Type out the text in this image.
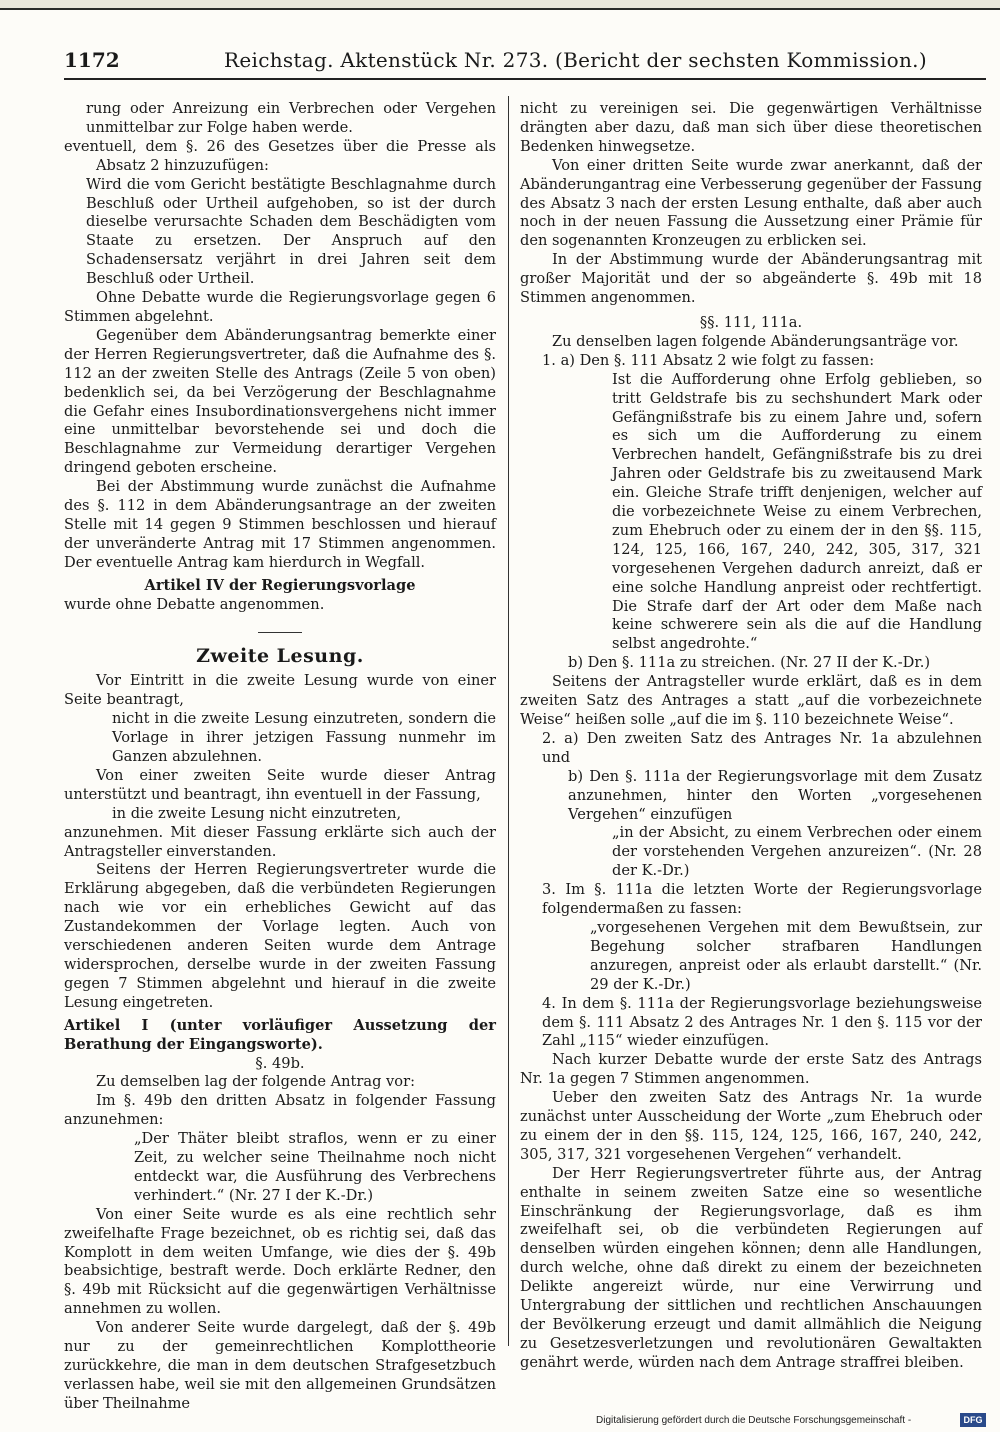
1172	Reichstag. Aktenstück Nr. 273. (Bericht der sechsten Kommission.)

rung oder Anreizung ein Verbrechen oder Vergehen unmittelbar zur Folge haben werde.

eventuell, dem §. 26 des Gesetzes über die Presse als Absatz 2 hinzuzufügen:

Wird die vom Gericht bestätigte Beschlagnahme durch Beschluß oder Urtheil aufgehoben, so ist der durch dieselbe verursachte Schaden dem Beschädigten vom Staate zu ersetzen. Der Anspruch auf den Schadensersatz verjährt in drei Jahren seit dem Beschluß oder Urtheil.

Ohne Debatte wurde die Regierungsvorlage gegen 6 Stimmen abgelehnt.

Gegenüber dem Abänderungsantrag bemerkte einer der Herren Regierungsvertreter, daß die Aufnahme des §. 112 an der zweiten Stelle des Antrags (Zeile 5 von oben) bedenklich sei, da bei Verzögerung der Beschlagnahme die Gefahr eines Insubordinationsvergehens nicht immer eine unmittelbar bevorstehende sei und doch die Beschlagnahme zur Vermeidung derartiger Vergehen dringend geboten erscheine.

Bei der Abstimmung wurde zunächst die Aufnahme des §. 112 in dem Abänderungsantrage an der zweiten Stelle mit 14 gegen 9 Stimmen beschlossen und hierauf der unveränderte Antrag mit 17 Stimmen angenommen. Der eventuelle Antrag kam hierdurch in Wegfall.

Artikel IV der Regierungsvorlage

wurde ohne Debatte angenommen.

Zweite Lesung.

Vor Eintritt in die zweite Lesung wurde von einer Seite beantragt,

nicht in die zweite Lesung einzutreten, sondern die Vorlage in ihrer jetzigen Fassung nunmehr im Ganzen abzulehnen.

Von einer zweiten Seite wurde dieser Antrag unterstützt und beantragt, ihn eventuell in der Fassung,

in die zweite Lesung nicht einzutreten,

anzunehmen. Mit dieser Fassung erklärte sich auch der Antragsteller einverstanden.

Seitens der Herren Regierungsvertreter wurde die Erklärung abgegeben, daß die verbündeten Regierungen nach wie vor ein erhebliches Gewicht auf das Zustandekommen der Vorlage legten. Auch von verschiedenen anderen Seiten wurde dem Antrage widersprochen, derselbe wurde in der zweiten Fassung gegen 7 Stimmen abgelehnt und hierauf in die zweite Lesung eingetreten.

Artikel I (unter vorläufiger Aussetzung der Berathung der Eingangsworte).

§. 49b.

Zu demselben lag der folgende Antrag vor:

Im §. 49b den dritten Absatz in folgender Fassung anzunehmen:

„Der Thäter bleibt straflos, wenn er zu einer Zeit, zu welcher seine Theilnahme noch nicht entdeckt war, die Ausführung des Verbrechens verhindert.“ (Nr. 27 I der K.-Dr.)

Von einer Seite wurde es als eine rechtlich sehr zweifelhafte Frage bezeichnet, ob es richtig sei, daß das Komplott in dem weiten Umfange, wie dies der §. 49b beabsichtige, bestraft werde. Doch erklärte Redner, den §. 49b mit Rücksicht auf die gegenwärtigen Verhältnisse annehmen zu wollen.

Von anderer Seite wurde dargelegt, daß der §. 49b nur zu der gemeinrechtlichen Komplottheorie zurückkehre, die man in dem deutschen Strafgesetzbuch verlassen habe, weil sie mit den allgemeinen Grundsätzen über Theilnahme

nicht zu vereinigen sei. Die gegenwärtigen Verhältnisse drängten aber dazu, daß man sich über diese theoretischen Bedenken hinwegsetze.

Von einer dritten Seite wurde zwar anerkannt, daß der Abänderungantrag eine Verbesserung gegenüber der Fassung des Absatz 3 nach der ersten Lesung enthalte, daß aber auch noch in der neuen Fassung die Aussetzung einer Prämie für den sogenannten Kronzeugen zu erblicken sei.

In der Abstimmung wurde der Abänderungsantrag mit großer Majorität und der so abgeänderte §. 49b mit 18 Stimmen angenommen.

§§. 111, 111a.

Zu denselben lagen folgende Abänderungsanträge vor.

1. a) Den §. 111 Absatz 2 wie folgt zu fassen:

Ist die Aufforderung ohne Erfolg geblieben, so tritt Geldstrafe bis zu sechshundert Mark oder Gefängnißstrafe bis zu einem Jahre und, sofern es sich um die Aufforderung zu einem Verbrechen handelt, Gefängnißstrafe bis zu drei Jahren oder Geldstrafe bis zu zweitausend Mark ein. Gleiche Strafe trifft denjenigen, welcher auf die vorbezeichnete Weise zu einem Verbrechen, zum Ehebruch oder zu einem der in den §§. 115, 124, 125, 166, 167, 240, 242, 305, 317, 321 vorgesehenen Vergehen dadurch anreizt, daß er eine solche Handlung anpreist oder rechtfertigt. Die Strafe darf der Art oder dem Maße nach keine schwerere sein als die auf die Handlung selbst angedrohte.“

b) Den §. 111a zu streichen. (Nr. 27 II der K.-Dr.)

Seitens der Antragsteller wurde erklärt, daß es in dem zweiten Satz des Antrages a statt „auf die vorbezeichnete Weise“ heißen solle „auf die im §. 110 bezeichnete Weise“.

2. a) Den zweiten Satz des Antrages Nr. 1a abzulehnen und

b) Den §. 111a der Regierungsvorlage mit dem Zusatz anzunehmen, hinter den Worten „vorgesehenen Vergehen“ einzufügen

„in der Absicht, zu einem Verbrechen oder einem der vorstehenden Vergehen anzureizen“. (Nr. 28 der K.-Dr.)

3. Im §. 111a die letzten Worte der Regierungsvorlage folgendermaßen zu fassen:

„vorgesehenen Vergehen mit dem Bewußtsein, zur Begehung solcher strafbaren Handlungen anzuregen, anpreist oder als erlaubt darstellt.“ (Nr. 29 der K.-Dr.)

4. In dem §. 111a der Regierungsvorlage beziehungsweise dem §. 111 Absatz 2 des Antrages Nr. 1 den §. 115 vor der Zahl „115“ wieder einzufügen.

Nach kurzer Debatte wurde der erste Satz des Antrags Nr. 1a gegen 7 Stimmen angenommen.

Ueber den zweiten Satz des Antrags Nr. 1a wurde zunächst unter Ausscheidung der Worte „zum Ehebruch oder zu einem der in den §§. 115, 124, 125, 166, 167, 240, 242, 305, 317, 321 vorgesehenen Vergehen“ verhandelt.

Der Herr Regierungsvertreter führte aus, der Antrag enthalte in seinem zweiten Satze eine so wesentliche Einschränkung der Regierungsvorlage, daß es ihm zweifelhaft sei, ob die verbündeten Regierungen auf denselben würden eingehen können; denn alle Handlungen, durch welche, ohne daß direkt zu einem der bezeichneten Delikte angereizt würde, nur eine Verwirrung und Untergrabung der sittlichen und rechtlichen Anschauungen der Bevölkerung erzeugt und damit allmählich die Neigung zu Gesetzesverletzungen und revolutionären Gewaltakten genährt werde, würden nach dem Antrage straffrei bleiben.

Digitalisierung gefördert durch die Deutsche Forschungsgemeinschaft -	DFG
